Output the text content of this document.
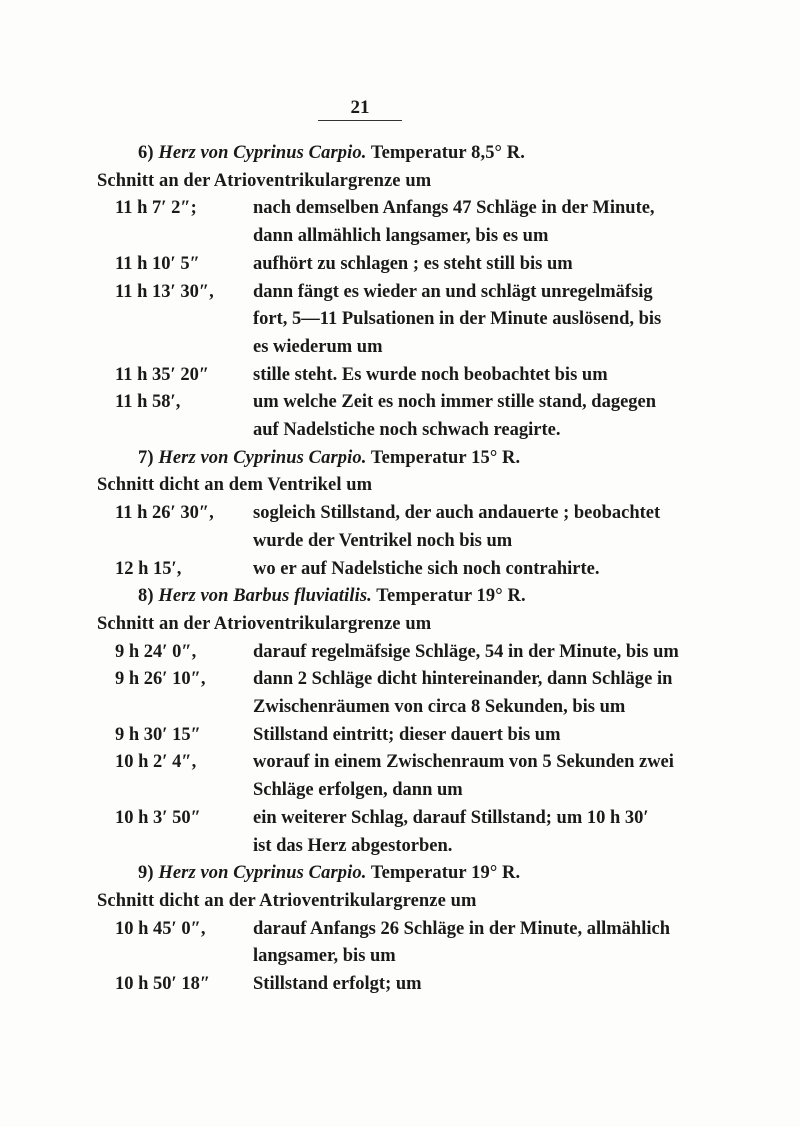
21
6) Herz von Cyprinus Carpio. Temperatur 8,5° R.
Schnitt an der Atrioventrikulargrenze um
11 h 7′ 2″;	nach demselben Anfangs 47 Schläge in der Minute,
dann allmählich langsamer, bis es um
11 h 10′ 5″	aufhört zu schlagen ; es steht still bis um
11 h 13′ 30″, dann fängt es wieder an und schlägt unregelmäfsig
fort, 5—11 Pulsationen in der Minute auslösend, bis
es wiederum um
11 h 35′ 20″ stille steht. Es wurde noch beobachtet bis um
11 h 58′,	um welche Zeit es noch immer stille stand, dagegen
auf Nadelstiche noch schwach reagirte.
7) Herz von Cyprinus Carpio. Temperatur 15° R.
Schnitt dicht an dem Ventrikel um
11 h 26′ 30″, sogleich Stillstand, der auch andauerte ; beobachtet
wurde der Ventrikel noch bis um
12 h 15′,	wo er auf Nadelstiche sich noch contrahirte.
8) Herz von Barbus fluviatilis. Temperatur 19° R.
Schnitt an der Atrioventrikulargrenze um
9 h 24′ 0″,	darauf regelmäfsige Schläge, 54 in der Minute, bis um
9 h 26′ 10″,	dann 2 Schläge dicht hintereinander, dann Schläge in
Zwischenräumen von circa 8 Sekunden, bis um
9 h 30′ 15″	Stillstand eintritt; dieser dauert bis um
10 h 2′ 4″,	worauf in einem Zwischenraum von 5 Sekunden zwei
Schläge erfolgen, dann um
10 h 3′ 50″	ein weiterer Schlag, darauf Stillstand; um 10 h 30′
ist das Herz abgestorben.
9) Herz von Cyprinus Carpio. Temperatur 19° R.
Schnitt dicht an der Atrioventrikulargrenze um
10 h 45′ 0″,	darauf Anfangs 26 Schläge in der Minute, allmählich
langsamer, bis um
10 h 50′ 18″ Stillstand erfolgt; um
